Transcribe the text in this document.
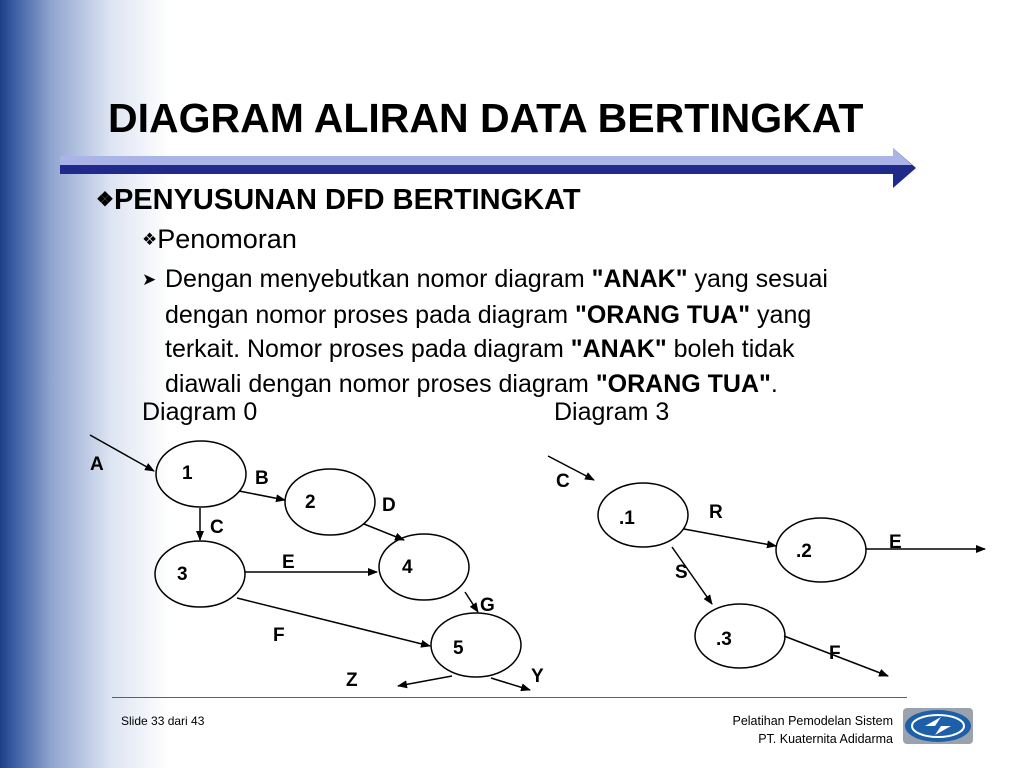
DIAGRAM ALIRAN DATA BERTINGKAT
❖PENYUSUNAN DFD BERTINGKAT
❖Penomoran
➤ Dengan menyebutkan nomor diagram "ANAK" yang sesuai
dengan nomor proses pada diagram "ORANG TUA" yang
terkait. Nomor proses pada diagram "ANAK" boleh tidak
diawali dengan nomor proses diagram "ORANG TUA".
Diagram 0	Diagram 3
1
2
3	4
5
A
B
C
D
E
F
G
Z	Y
.1
.2
.3
C
R
S
E
F
Slide 33 dari 43	Pelatihan Pemodelan Sistem
PT. Kuaternita Adidarma
